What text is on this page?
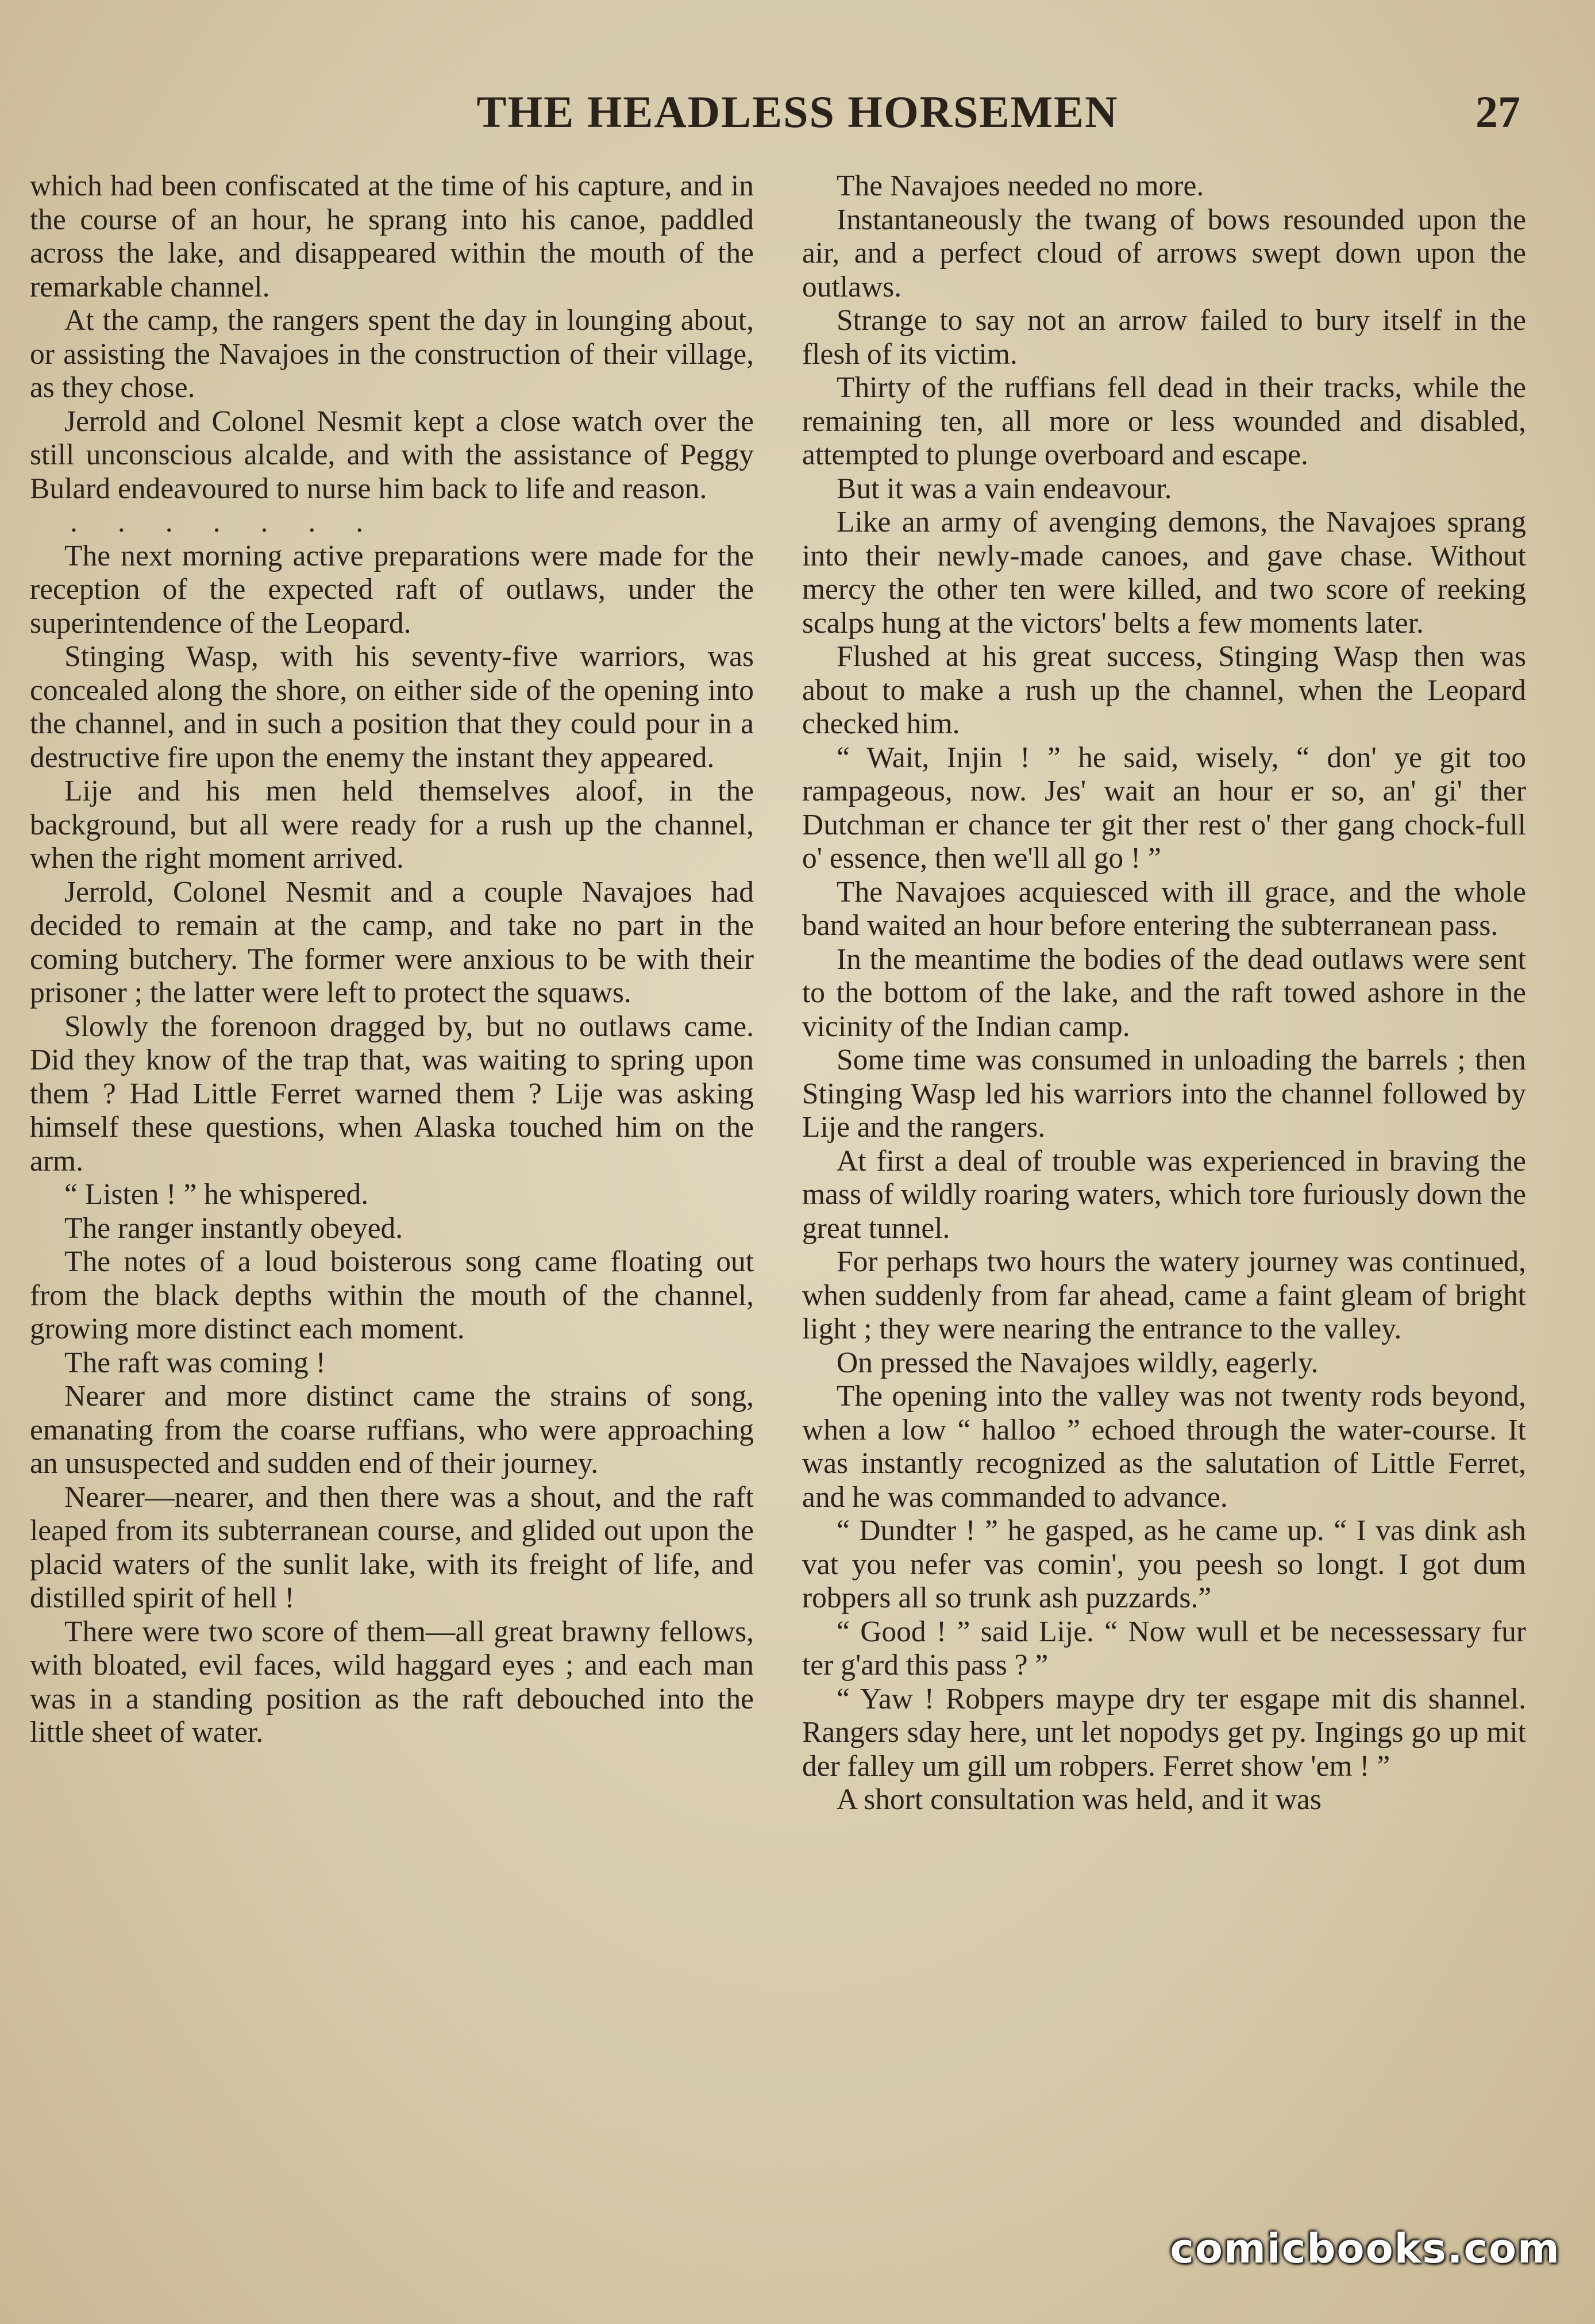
THE HEADLESS HORSEMEN	27

which had been confiscated at the time of his capture, and in the course of an hour, he sprang into his canoe, paddled across the lake, and disappeared within the mouth of the remarkable channel.

At the camp, the rangers spent the day in lounging about, or assisting the Navajoes in the construction of their village, as they chose.

Jerrold and Colonel Nesmit kept a close watch over the still unconscious alcalde, and with the assistance of Peggy Bulard endeavoured to nurse him back to life and reason.

.......

The next morning active preparations were made for the reception of the expected raft of outlaws, under the superintendence of the Leopard.

Stinging Wasp, with his seventy-five warriors, was concealed along the shore, on either side of the opening into the channel, and in such a position that they could pour in a destructive fire upon the enemy the instant they appeared.

Lije and his men held themselves aloof, in the background, but all were ready for a rush up the channel, when the right moment arrived.

Jerrold, Colonel Nesmit and a couple Navajoes had decided to remain at the camp, and take no part in the coming butchery. The former were anxious to be with their prisoner ; the latter were left to protect the squaws.

Slowly the forenoon dragged by, but no outlaws came. Did they know of the trap that, was waiting to spring upon them ? Had Little Ferret warned them ? Lije was asking himself these questions, when Alaska touched him on the arm.

“ Listen ! ” he whispered.

The ranger instantly obeyed.

The notes of a loud boisterous song came floating out from the black depths within the mouth of the channel, growing more distinct each moment.

The raft was coming !

Nearer and more distinct came the strains of song, emanating from the coarse ruffians, who were approaching an unsuspected and sudden end of their journey.

Nearer—nearer, and then there was a shout, and the raft leaped from its subterranean course, and glided out upon the placid waters of the sunlit lake, with its freight of life, and distilled spirit of hell !

There were two score of them—all great brawny fellows, with bloated, evil faces, wild haggard eyes ; and each man was in a standing position as the raft debouched into the little sheet of water.

The Navajoes needed no more.

Instantaneously the twang of bows resounded upon the air, and a perfect cloud of arrows swept down upon the outlaws.

Strange to say not an arrow failed to bury itself in the flesh of its victim.

Thirty of the ruffians fell dead in their tracks, while the remaining ten, all more or less wounded and disabled, attempted to plunge overboard and escape.

But it was a vain endeavour.

Like an army of avenging demons, the Navajoes sprang into their newly-made canoes, and gave chase. Without mercy the other ten were killed, and two score of reeking scalps hung at the victors' belts a few moments later.

Flushed at his great success, Stinging Wasp then was about to make a rush up the channel, when the Leopard checked him.

“ Wait, Injin ! ” he said, wisely, “ don' ye git too rampageous, now. Jes' wait an hour er so, an' gi' ther Dutchman er chance ter git ther rest o' ther gang chock-full o' essence, then we'll all go ! ”

The Navajoes acquiesced with ill grace, and the whole band waited an hour before entering the subterranean pass.

In the meantime the bodies of the dead outlaws were sent to the bottom of the lake, and the raft towed ashore in the vicinity of the Indian camp.

Some time was consumed in unloading the barrels ; then Stinging Wasp led his warriors into the channel followed by Lije and the rangers.

At first a deal of trouble was experienced in braving the mass of wildly roaring waters, which tore furiously down the great tunnel.

For perhaps two hours the watery journey was continued, when suddenly from far ahead, came a faint gleam of bright light ; they were nearing the entrance to the valley.

On pressed the Navajoes wildly, eagerly.

The opening into the valley was not twenty rods beyond, when a low “ halloo ” echoed through the water-course. It was instantly recognized as the salutation of Little Ferret, and he was commanded to advance.

“ Dundter ! ” he gasped, as he came up. “ I vas dink ash vat you nefer vas comin', you peesh so longt. I got dum robpers all so trunk ash puzzards.”

“ Good ! ” said Lije. “ Now wull et be necessessary fur ter g'ard this pass ? ”

“ Yaw ! Robpers maype dry ter esgape mit dis shannel. Rangers sday here, unt let nopodys get py. Ingings go up mit der falley um gill um robpers. Ferret show 'em ! ”

A short consultation was held, and it was

comicbooks.com
